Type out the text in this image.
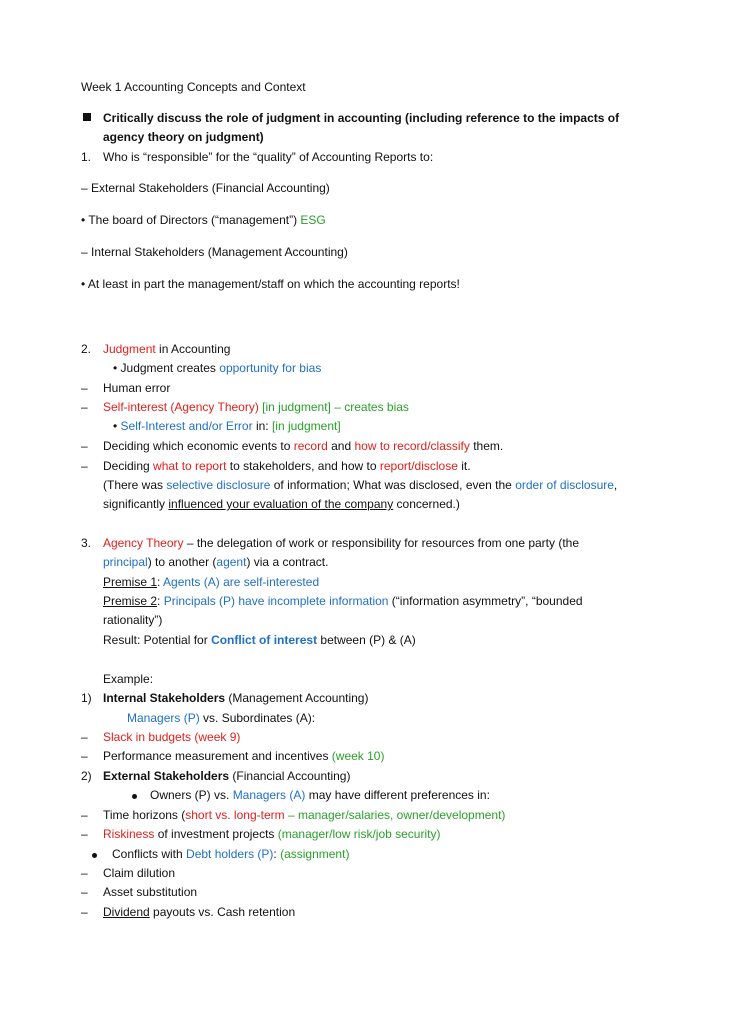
Week 1 Accounting Concepts and Context
Critically discuss the role of judgment in accounting (including reference to the impacts of
agency theory on judgment)
1. Who is “responsible” for the “quality” of Accounting Reports to:
– External Stakeholders (Financial Accounting)
• The board of Directors (“management”) ESG
– Internal Stakeholders (Management Accounting)
• At least in part the management/staff on which the accounting reports!
2. Judgment in Accounting
• Judgment creates opportunity for bias
– Human error
– Self-interest (Agency Theory) [in judgment] – creates bias
• Self-Interest and/or Error in: [in judgment]
– Deciding which economic events to record and how to record/classify them.
– Deciding what to report to stakeholders, and how to report/disclose it.
(There was selective disclosure of information; What was disclosed, even the order of disclosure,
significantly influenced your evaluation of the company concerned.)
3. Agency Theory – the delegation of work or responsibility for resources from one party (the
principal) to another (agent) via a contract.
Premise 1: Agents (A) are self-interested
Premise 2: Principals (P) have incomplete information (“information asymmetry”, “bounded
rationality”)
Result: Potential for Conflict of interest between (P) & (A)
Example:
1) Internal Stakeholders (Management Accounting)
Managers (P) vs. Subordinates (A):
– Slack in budgets (week 9)
– Performance measurement and incentives (week 10)
2) External Stakeholders (Financial Accounting)
Owners (P) vs. Managers (A) may have different preferences in:
– Time horizons (short vs. long-term – manager/salaries, owner/development)
– Riskiness of investment projects (manager/low risk/job security)
Conflicts with Debt holders (P): (assignment)
– Claim dilution
– Asset substitution
– Dividend payouts vs. Cash retention
